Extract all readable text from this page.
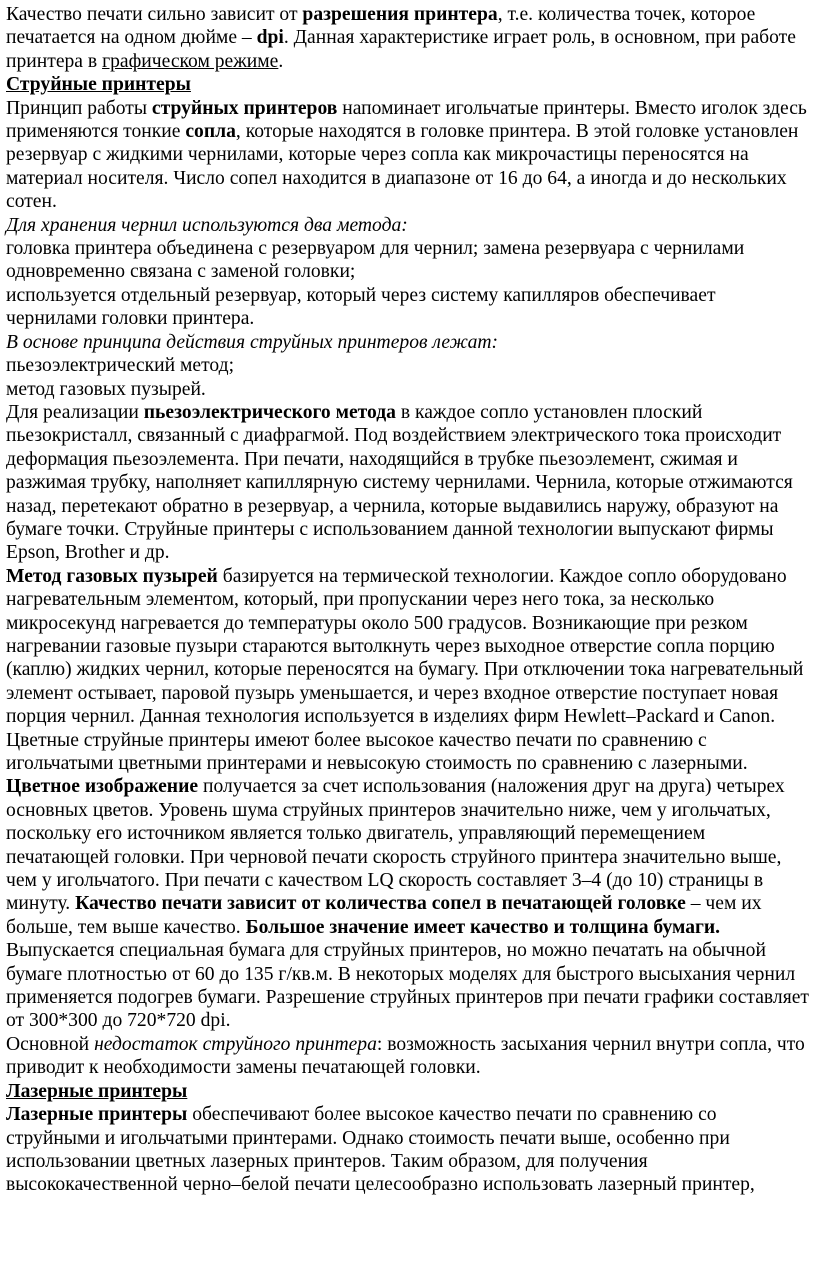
Качество печати сильно зависит от разрешения принтера, т.е. количества точек, которое печатается на одном дюйме – dpi. Данная характеристике играет роль, в основном, при работе принтера в графическом режиме.

Струйные принтеры

Принцип работы струйных принтеров напоминает игольчатые принтеры. Вместо иголок здесь применяются тонкие сопла, которые находятся в головке принтера. В этой головке установлен резервуар с жидкими чернилами, которые через сопла как микрочастицы переносятся на материал носителя. Число сопел находится в диапазоне от 16 до 64, а иногда и до нескольких сотен.

Для хранения чернил используются два метода:

головка принтера объединена с резервуаром для чернил; замена резервуара с чернилами одновременно связана с заменой головки;

используется отдельный резервуар, который через систему капилляров обеспечивает чернилами головки принтера.

В основе принципа действия струйных принтеров лежат:

пьезоэлектрический метод;

метод газовых пузырей.

Для реализации пьезоэлектрического метода в каждое сопло установлен плоский пьезокристалл, связанный с диафрагмой. Под воздействием электрического тока происходит деформация пьезоэлемента. При печати, находящийся в трубке пьезоэлемент, сжимая и разжимая трубку, наполняет капиллярную систему чернилами. Чернила, которые отжимаются назад, перетекают обратно в резервуар, а чернила, которые выдавились наружу, образуют на бумаге точки. Струйные принтеры с использованием данной технологии выпускают фирмы Epson, Brother и др.

Метод газовых пузырей базируется на термической технологии. Каждое сопло оборудовано нагревательным элементом, который, при пропускании через него тока, за несколько микросекунд нагревается до температуры около 500 градусов. Возникающие при резком нагревании газовые пузыри стараются вытолкнуть через выходное отверстие сопла порцию (каплю) жидких чернил, которые переносятся на бумагу. При отключении тока нагревательный элемент остывает, паровой пузырь уменьшается, и через входное отверстие поступает новая порция чернил. Данная технология используется в изделиях фирм Hewlett–Packard и Canon.

Цветные струйные принтеры имеют более высокое качество печати по сравнению с игольчатыми цветными принтерами и невысокую стоимость по сравнению с лазерными. Цветное изображение получается за счет использования (наложения друг на друга) четырех основных цветов. Уровень шума струйных принтеров значительно ниже, чем у игольчатых, поскольку его источником является только двигатель, управляющий перемещением печатающей головки. При черновой печати скорость струйного принтера значительно выше, чем у игольчатого. При печати с качеством LQ скорость составляет 3–4 (до 10) страницы в минуту. Качество печати зависит от количества сопел в печатающей головке – чем их больше, тем выше качество. Большое значение имеет качество и толщина бумаги. Выпускается специальная бумага для струйных принтеров, но можно печатать на обычной бумаге плотностью от 60 до 135 г/кв.м. В некоторых моделях для быстрого высыхания чернил применяется подогрев бумаги. Разрешение струйных принтеров при печати графики составляет от 300*300 до 720*720 dpi.

Основной недостаток струйного принтера: возможность засыхания чернил внутри сопла, что приводит к необходимости замены печатающей головки.

Лазерные принтеры

Лазерные принтеры обеспечивают более высокое качество печати по сравнению со струйными и игольчатыми принтерами. Однако стоимость печати выше, особенно при использовании цветных лазерных принтеров. Таким образом, для получения высококачественной черно–белой печати целесообразно использовать лазерный принтер,
